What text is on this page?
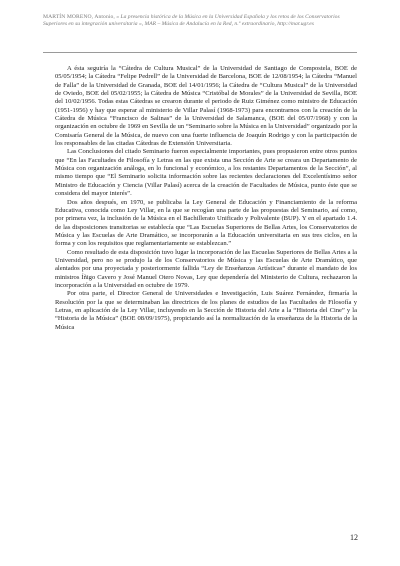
MARTÍN MORENO, Antonio, « La presencia histórica de la Música en la Universidad Española y los retos de los Conservatorios Superiores en su integración universitaria », MAR – Música de Andalucía en la Red, n.º extraordinario, http://mar.ugr.es

A ésta seguiría la “Cátedra de Cultura Musical” de la Universidad de Santiago de Compostela, BOE de 05/05/1954; la Cátedra “Felipe Pedrell” de la Universidad de Barcelona, BOE de 12/08/1954; la Cátedra “Manuel de Falla” de la Universidad de Granada, BOE del 14/01/1956; la Cátedra de “Cultura Musical” de la Universidad de Oviedo, BOE del 05/02/1955; la Cátedra de Música “Cristóbal de Morales” de la Universidad de Sevilla, BOE del 10/02/1956. Todas estas Cátedras se crearon durante el periodo de Ruiz Giménez como ministro de Educación (1951-1956) y hay que esperar al ministerio de Villar Palasí (1968-1973) para encontrarnos con la creación de la Cátedra de Música “Francisco de Salinas” de la Universidad de Salamanca, (BOE del 05/07/1968) y con la organización en octubre de 1969 en Sevilla de un “Seminario sobre la Música en la Universidad” organizado por la Comisaría General de la Música, de nuevo con una fuerte influencia de Joaquín Rodrigo y con la participación de los responsables de las citadas Cátedras de Extensión Universitaria.

Las Conclusiones del citado Seminario fueron especialmente importantes, pues propusieron entre otros puntos que “En las Facultades de Filosofía y Letras en las que exista una Sección de Arte se creara un Departamento de Música con organización análoga, en lo funcional y económico, a los restantes Departamentos de la Sección”, al mismo tiempo que “El Seminario solicita información sobre las recientes declaraciones del Excelentísimo señor Ministro de Educación y Ciencia (Villar Palasí) acerca de la creación de Facultades de Música, punto éste que se considera del mayor interés”.

Dos años después, en 1970, se publicaba la Ley General de Educación y Financiamiento de la reforma Educativa, conocida como Ley Villar, en la que se recogían una parte de las propuestas del Seminario, así como, por primera vez, la inclusión de la Música en el Bachillerato Unificado y Polivalente (BUP). Y en el apartado 1.4. de las disposiciones transitorias se establecía que “Las Escuelas Superiores de Bellas Artes, los Conservatorios de Música y las Escuelas de Arte Dramático, se incorporarán a la Educación universitaria en sus tres ciclos, en la forma y con los requisitos que reglamentariamente se establezcan.”

Como resultado de esta disposición tuvo lugar la incorporación de las Escuelas Superiores de Bellas Artes a la Universidad, pero no se produjo la de los Conservatorios de Música y las Escuelas de Arte Dramático, que alentados por una proyectada y posteriormente fallida “Ley de Enseñanzas Artísticas” durante el mandato de los ministros Íñigo Cavero y José Manuel Otero Novas, Ley que dependería del Ministerio de Cultura, rechazaron la incorporación a la Universidad en octubre de 1979.

Por otra parte, el Director General de Universidades e Investigación, Luis Suárez Fernández, firmaría la Resolución por la que se determinaban las directrices de los planes de estudios de las Facultades de Filosofía y Letras, en aplicación de la Ley Villar, incluyendo en la Sección de Historia del Arte a la “Historia del Cine” y la “Historia de la Música” (BOE 08/09/1975), propiciando así la normalización de la enseñanza de la Historia de la Música

12
